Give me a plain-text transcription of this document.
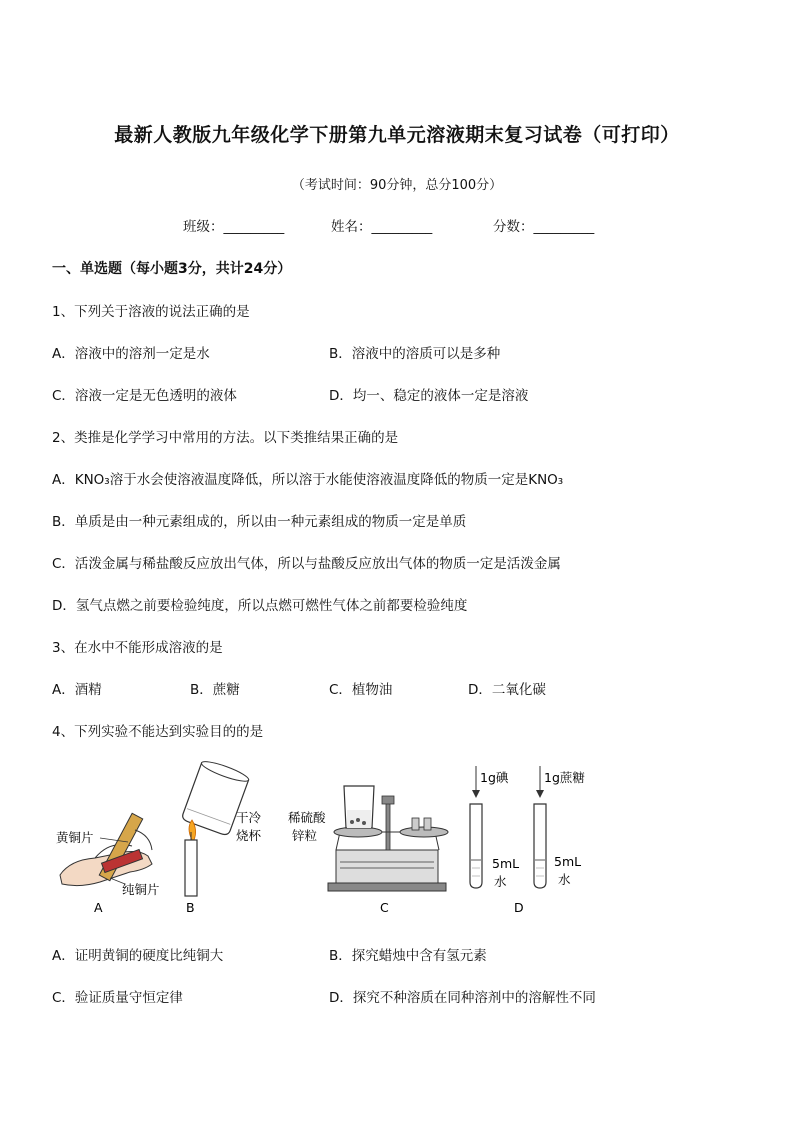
最新人教版九年级化学下册第九单元溶液期末复习试卷（可打印）
（考试时间：90分钟，总分100分）
班级：_________	姓名：_________	分数：_________
一、单选题（每小题3分，共计24分）
1、下列关于溶液的说法正确的是
A．溶液中的溶剂一定是水	B．溶液中的溶质可以是多种
C．溶液一定是无色透明的液体	D．均一、稳定的液体一定是溶液
2、类推是化学学习中常用的方法。以下类推结果正确的是
A．KNO₃溶于水会使溶液温度降低，所以溶于水能使溶液温度降低的物质一定是KNO₃
B．单质是由一种元素组成的，所以由一种元素组成的物质一定是单质
C．活泼金属与稀盐酸反应放出气体，所以与盐酸反应放出气体的物质一定是活泼金属
D．氢气点燃之前要检验纯度，所以点燃可燃性气体之前都要检验纯度
3、在水中不能形成溶液的是
A．酒精	B．蔗糖	C．植物油	D．二氧化碳
4、下列实验不能达到实验目的的是
黄铜片
纯铜片
A
干冷
烧杯
B
稀硫酸
锌粒
C
1g碘	1g蔗糖
5mL
水
5mL
水
D
A．证明黄铜的硬度比纯铜大	B．探究蜡烛中含有氢元素
C．验证质量守恒定律	D．探究不种溶质在同种溶剂中的溶解性不同
